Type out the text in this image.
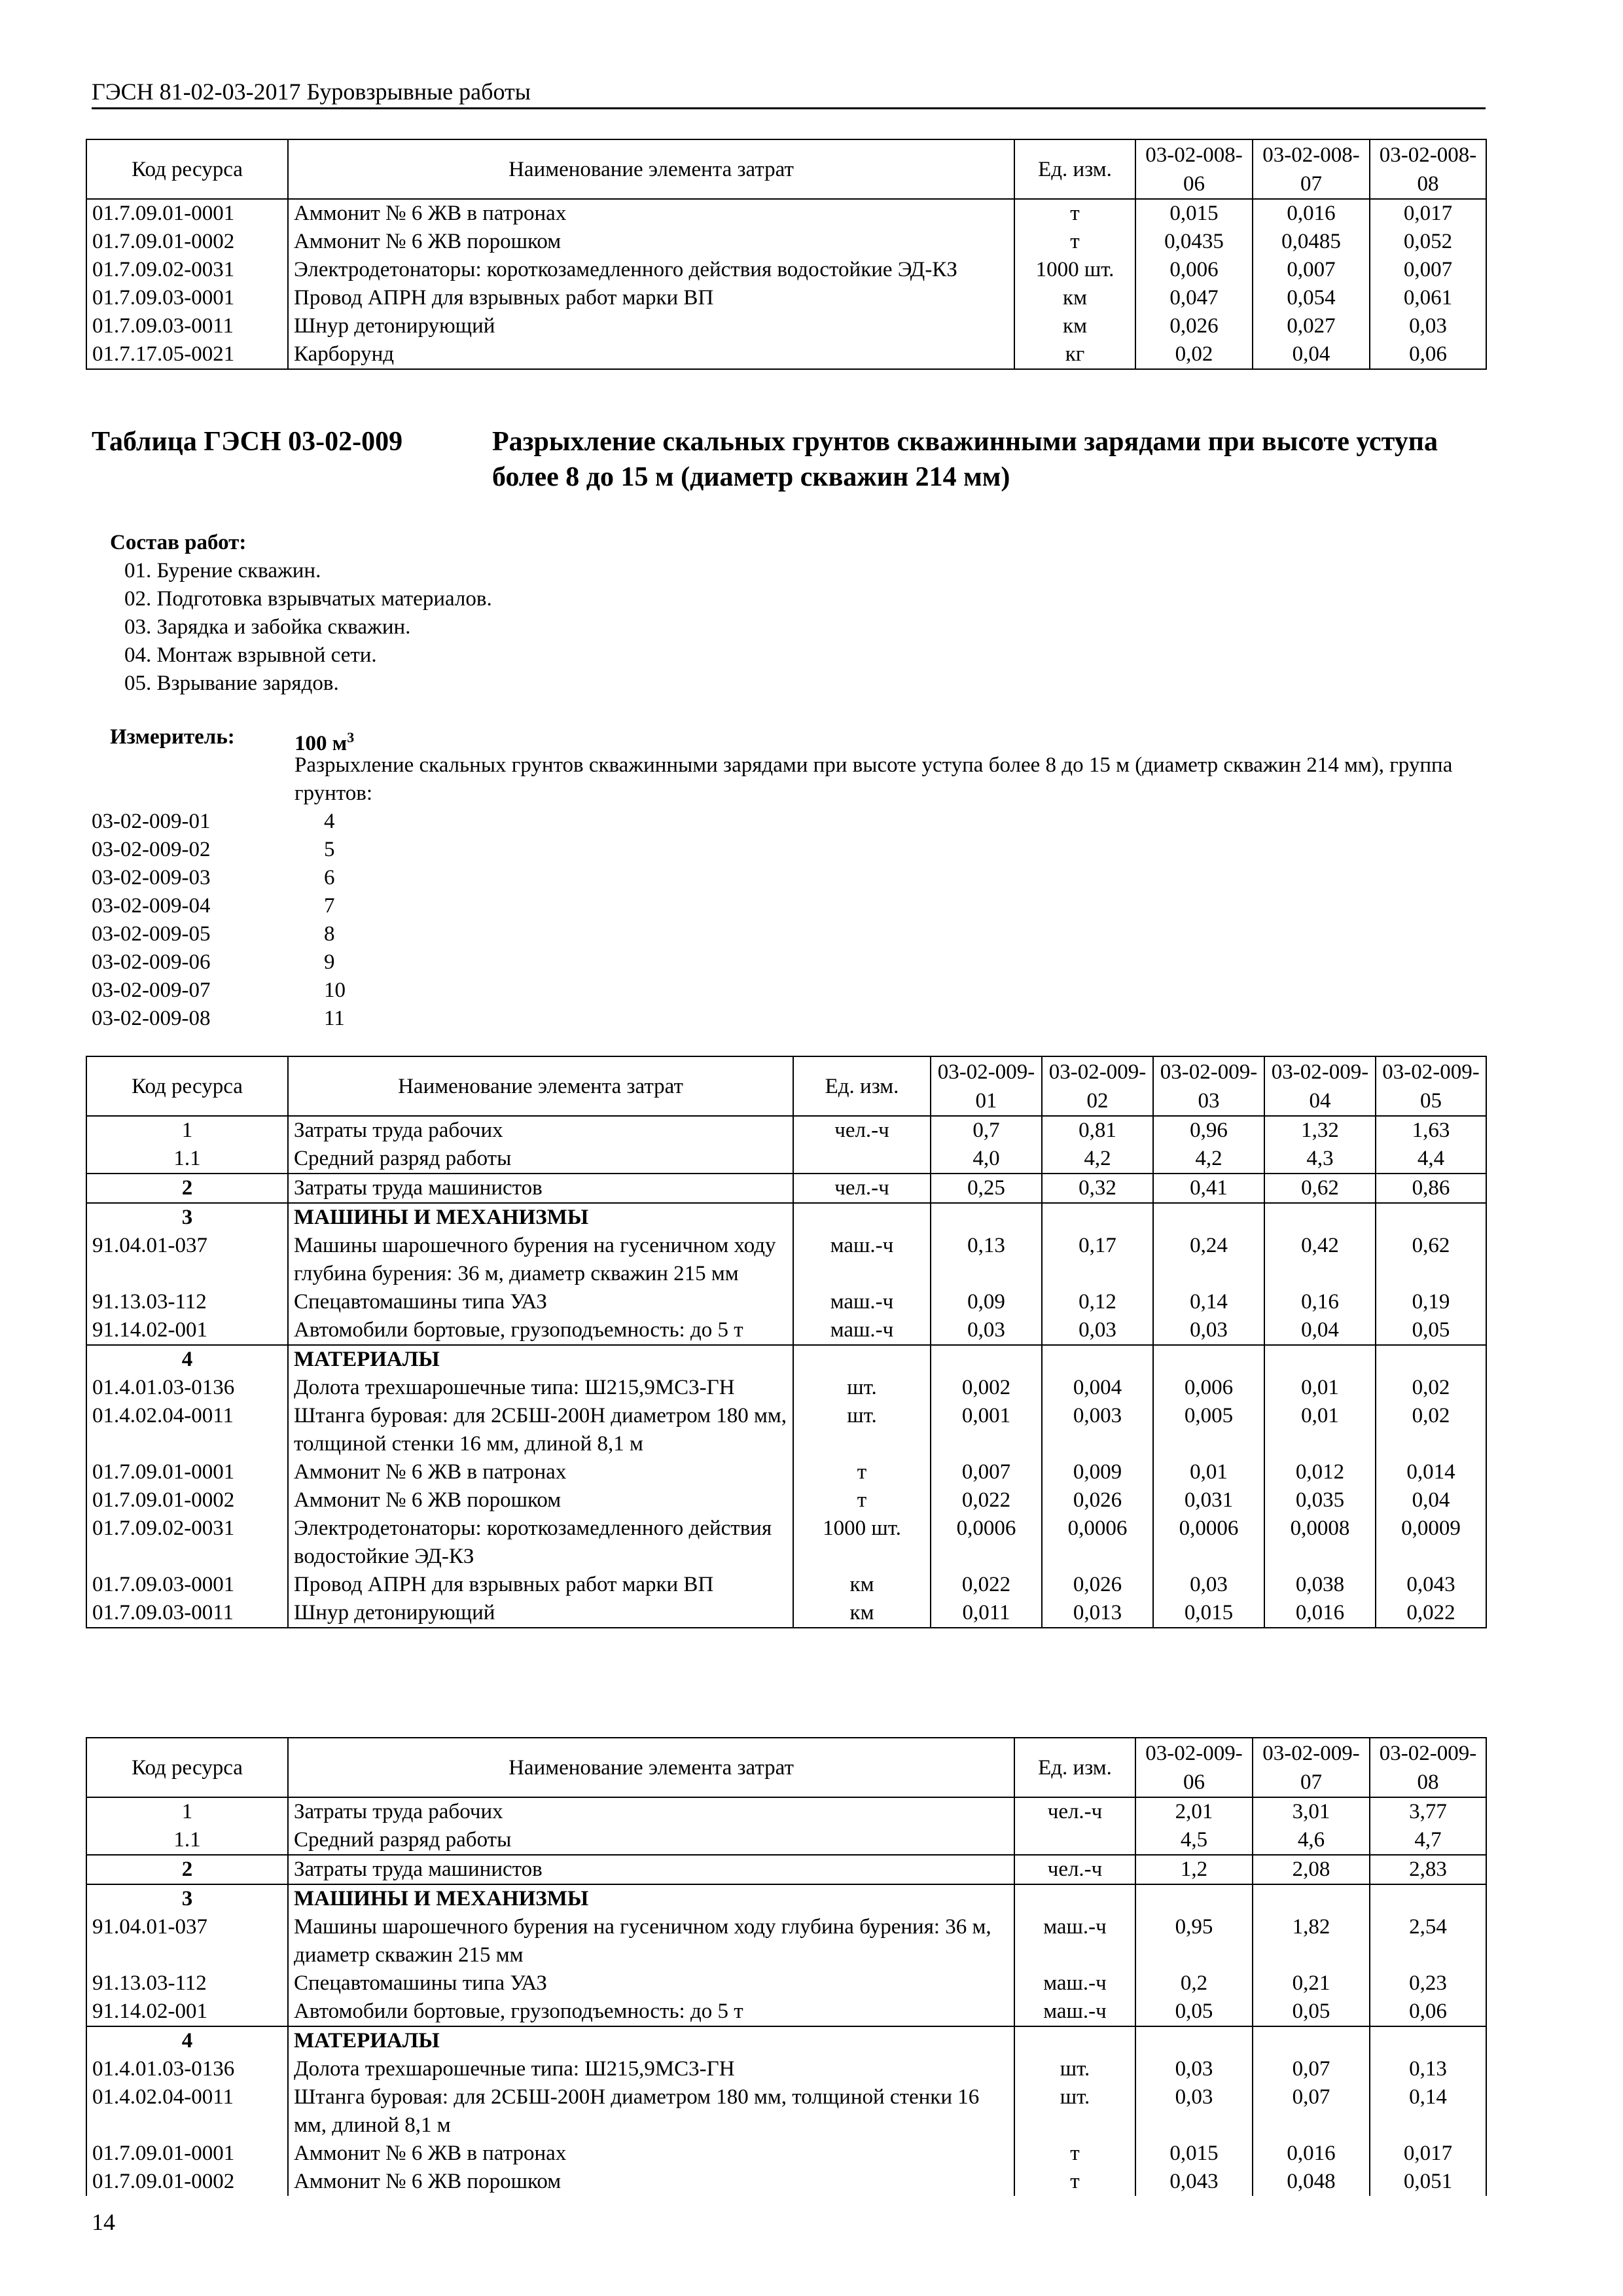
ГЭСН 81-02-03-2017 Буровзрывные работы
Код ресурса	Наименование элемента затрат	Ед. изм.	03-02-008-06	03-02-008-07	03-02-008-08
01.7.09.01-0001	Аммонит № 6 ЖВ в патронах	т	0,015	0,016	0,017
01.7.09.01-0002	Аммонит № 6 ЖВ порошком	т	0,0435	0,0485	0,052
01.7.09.02-0031	Электродетонаторы: короткозамедленного действия водостойкие ЭД-КЗ	1000 шт.	0,006	0,007	0,007
01.7.09.03-0001	Провод АПРН для взрывных работ марки ВП	км	0,047	0,054	0,061
01.7.09.03-0011	Шнур детонирующий	км	0,026	0,027	0,03
01.7.17.05-0021	Карборунд	кг	0,02	0,04	0,06
Таблица ГЭСН 03-02-009	Разрыхление скальных грунтов скважинными зарядами при высоте уступа более 8 до 15 м (диаметр скважин 214 мм)
Состав работ:
01. Бурение скважин.
02. Подготовка взрывчатых материалов.
03. Зарядка и забойка скважин.
04. Монтаж взрывной сети.
05. Взрывание зарядов.
Измеритель:	100 $м^3$
Разрыхление скальных грунтов скважинными зарядами при высоте уступа более 8 до 15 м (диаметр скважин 214 мм), группа грунтов:
03-02-009-01	4
03-02-009-02	5
03-02-009-03	6
03-02-009-04	7
03-02-009-05	8
03-02-009-06	9
03-02-009-07	10
03-02-009-08	11
Код ресурса	Наименование элемента затрат	Ед. изм.	03-02-009-01	03-02-009-02	03-02-009-03	03-02-009-04	03-02-009-05
1	Затраты труда рабочих	чел.-ч	0,7	0,81	0,96	1,32	1,63
1.1	Средний разряд работы		4,0	4,2	4,2	4,3	4,4
2	Затраты труда машинистов	чел.-ч	0,25	0,32	0,41	0,62	0,86
3	МАШИНЫ И МЕХАНИЗМЫ						
91.04.01-037	Машины шарошечного бурения на гусеничном ходу глубина бурения: 36 м, диаметр скважин 215 мм	маш.-ч	0,13	0,17	0,24	0,42	0,62
91.13.03-112	Спецавтомашины типа УАЗ	маш.-ч	0,09	0,12	0,14	0,16	0,19
91.14.02-001	Автомобили бортовые, грузоподъемность: до 5 т	маш.-ч	0,03	0,03	0,03	0,04	0,05
4	МАТЕРИАЛЫ						
01.4.01.03-0136	Долота трехшарошечные типа: Ш215,9МС3-ГН	шт.	0,002	0,004	0,006	0,01	0,02
01.4.02.04-0011	Штанга буровая: для 2СБШ-200Н диаметром 180 мм, толщиной стенки 16 мм, длиной 8,1 м	шт.	0,001	0,003	0,005	0,01	0,02
01.7.09.01-0001	Аммонит № 6 ЖВ в патронах	т	0,007	0,009	0,01	0,012	0,014
01.7.09.01-0002	Аммонит № 6 ЖВ порошком	т	0,022	0,026	0,031	0,035	0,04
01.7.09.02-0031	Электродетонаторы: короткозамедленного действия водостойкие ЭД-КЗ	1000 шт.	0,0006	0,0006	0,0006	0,0008	0,0009
01.7.09.03-0001	Провод АПРН для взрывных работ марки ВП	км	0,022	0,026	0,03	0,038	0,043
01.7.09.03-0011	Шнур детонирующий	км	0,011	0,013	0,015	0,016	0,022
Код ресурса	Наименование элемента затрат	Ед. изм.	03-02-009-06	03-02-009-07	03-02-009-08
1	Затраты труда рабочих	чел.-ч	2,01	3,01	3,77
1.1	Средний разряд работы		4,5	4,6	4,7
2	Затраты труда машинистов	чел.-ч	1,2	2,08	2,83
3	МАШИНЫ И МЕХАНИЗМЫ				
91.04.01-037	Машины шарошечного бурения на гусеничном ходу глубина бурения: 36 м, диаметр скважин 215 мм	маш.-ч	0,95	1,82	2,54
91.13.03-112	Спецавтомашины типа УАЗ	маш.-ч	0,2	0,21	0,23
91.14.02-001	Автомобили бортовые, грузоподъемность: до 5 т	маш.-ч	0,05	0,05	0,06
4	МАТЕРИАЛЫ				
01.4.01.03-0136	Долота трехшарошечные типа: Ш215,9МС3-ГН	шт.	0,03	0,07	0,13
01.4.02.04-0011	Штанга буровая: для 2СБШ-200Н диаметром 180 мм, толщиной стенки 16 мм, длиной 8,1 м	шт.	0,03	0,07	0,14
01.7.09.01-0001	Аммонит № 6 ЖВ в патронах	т	0,015	0,016	0,017
01.7.09.01-0002	Аммонит № 6 ЖВ порошком	т	0,043	0,048	0,051
14
